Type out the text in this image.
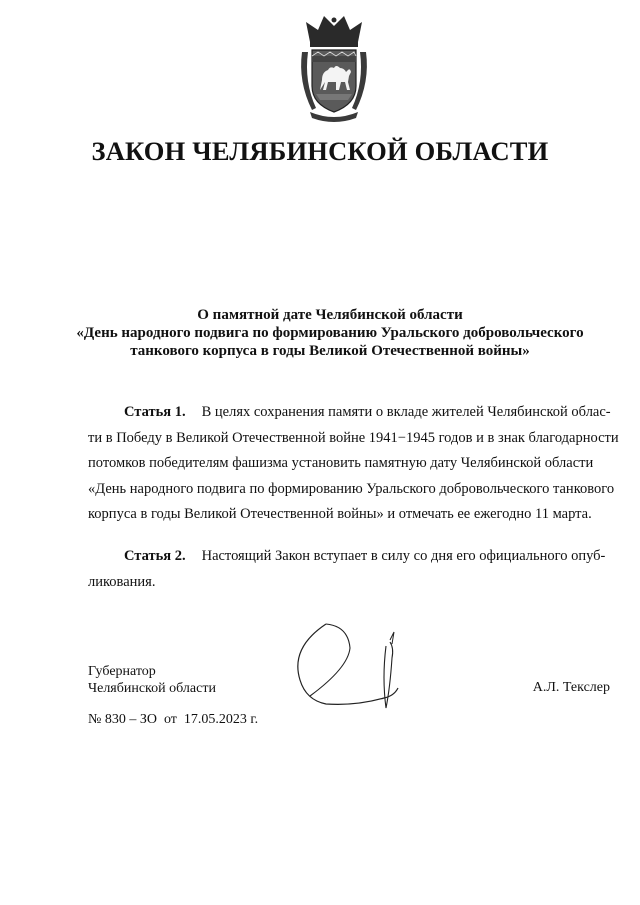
ЗАКОН ЧЕЛЯБИНСКОЙ ОБЛАСТИ
О памятной дате Челябинской области
«День народного подвига по формированию Уральского добровольческого
танкового корпуса в годы Великой Отечественной войны»
Статья 1. В целях сохранения памяти о вкладе жителей Челябинской облас-
ти в Победу в Великой Отечественной войне 1941−1945 годов и в знак благодарности
потомков победителям фашизма установить памятную дату Челябинской области
«День народного подвига по формированию Уральского добровольческого танкового
корпуса в годы Великой Отечественной войны» и отмечать ее ежегодно 11 марта.
Статья 2. Настоящий Закон вступает в силу со дня его официального опуб-
ликования.
Губернатор
Челябинской области	А.Л. Текслер
№ 830 – ЗО  от  17.05.2023 г.
